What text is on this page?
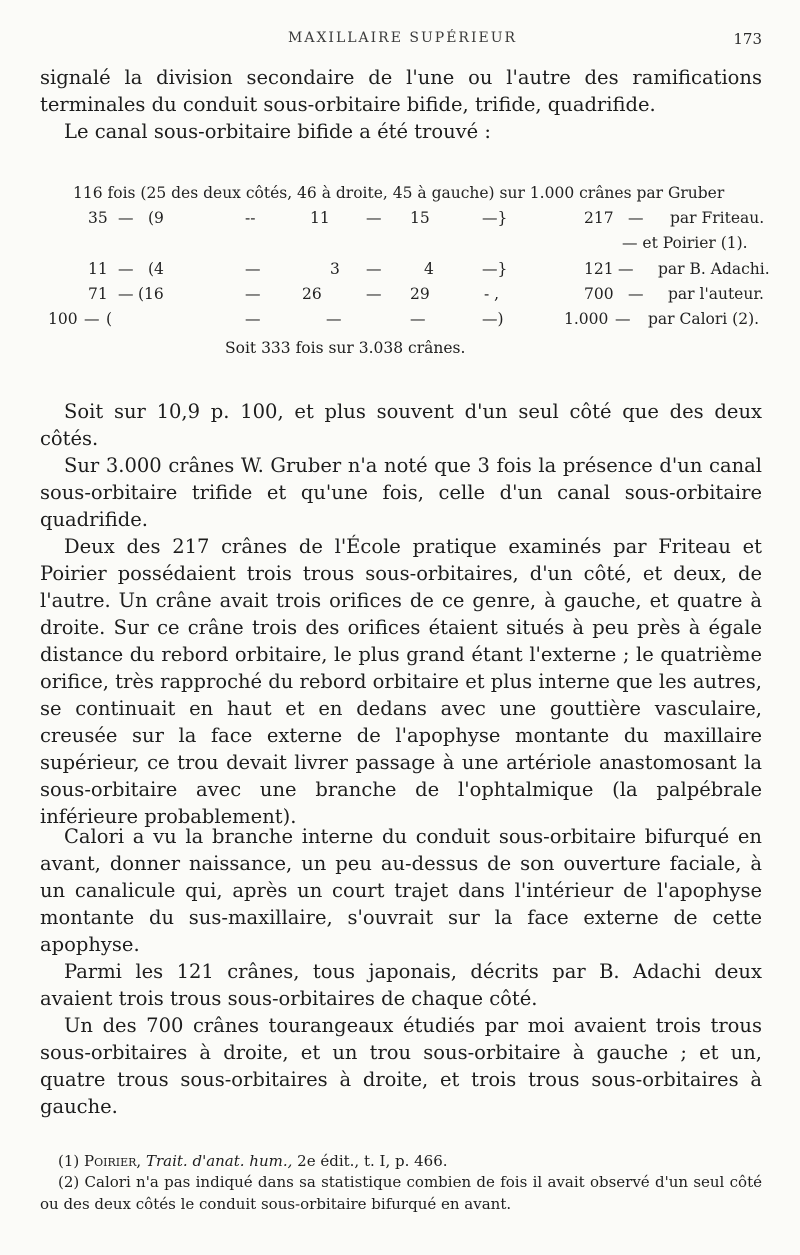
MAXILLAIRE SUPÉRIEUR	173

signalé la division secondaire de l'une ou l'autre des ramifications terminales du conduit sous-orbitaire bifide, trifide, quadrifide.

Le canal sous-orbitaire bifide a été trouvé :

116 fois (25 des deux côtés, 46 à droite, 45 à gauche) sur 1.000 crânes par Gruber
35 — (9	--	11 — 15	—}	217 — par Friteau.
— et Poirier (1).
11 — (4	—	3 —	4	—}	121 — par B. Adachi.
71 — (16	—	26	— 29	- ,	700 — par l'auteur.
100 — (	—	—	—	—)	1.000 — par Calori (2).
Soit 333 fois sur 3.038 crânes.

Soit sur 10,9 p. 100, et plus souvent d'un seul côté que des deux côtés.

Sur 3.000 crânes W. Gruber n'a noté que 3 fois la présence d'un canal sous-orbitaire trifide et qu'une fois, celle d'un canal sous-orbitaire quadrifide.

Deux des 217 crânes de l'École pratique examinés par Friteau et Poirier possédaient trois trous sous-orbitaires, d'un côté, et deux, de l'autre. Un crâne avait trois orifices de ce genre, à gauche, et quatre à droite. Sur ce crâne trois des orifices étaient situés à peu près à égale distance du rebord orbitaire, le plus grand étant l'externe ; le quatrième orifice, très rapproché du rebord orbitaire et plus interne que les autres, se continuait en haut et en dedans avec une gouttière vasculaire, creusée sur la face externe de l'apophyse montante du maxillaire supérieur, ce trou devait livrer passage à une artériole anastomosant la sous-orbitaire avec une branche de l'ophtalmique (la palpébrale inférieure probablement).

Calori a vu la branche interne du conduit sous-orbitaire bifurqué en avant, donner naissance, un peu au-dessus de son ouverture faciale, à un canalicule qui, après un court trajet dans l'intérieur de l'apophyse montante du sus-maxillaire, s'ouvrait sur la face externe de cette apophyse.

Parmi les 121 crânes, tous japonais, décrits par B. Adachi deux avaient trois trous sous-orbitaires de chaque côté.

Un des 700 crânes tourangeaux étudiés par moi avaient trois trous sous-orbitaires à droite, et un trou sous-orbitaire à gauche ; et un, quatre trous sous-orbitaires à droite, et trois trous sous-orbitaires à gauche.

(1) Poirier, Trait. d'anat. hum., 2e édit., t. I, p. 466.

(2) Calori n'a pas indiqué dans sa statistique combien de fois il avait observé d'un seul côté ou des deux côtés le conduit sous-orbitaire bifurqué en avant.
